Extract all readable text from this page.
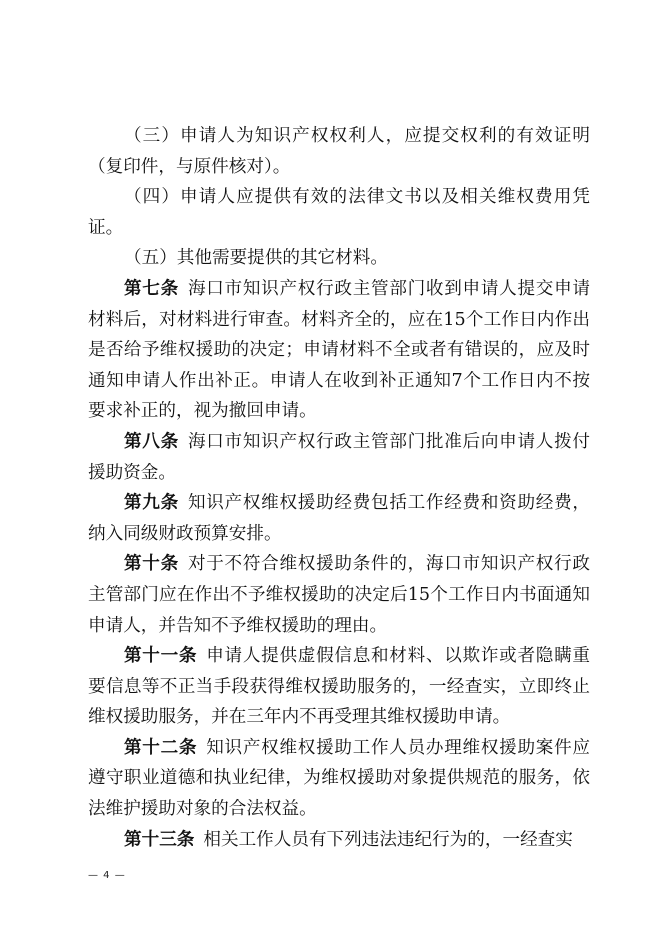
（三）申请人为知识产权权利人，应提交权利的有效证明（复印件，与原件核对）。

（四）申请人应提供有效的法律文书以及相关维权费用凭证。

（五）其他需要提供的其它材料。

第七条 海口市知识产权行政主管部门收到申请人提交申请材料后，对材料进行审查。材料齐全的，应在15个工作日内作出是否给予维权援助的决定；申请材料不全或者有错误的，应及时通知申请人作出补正。申请人在收到补正通知7个工作日内不按要求补正的，视为撤回申请。

第八条 海口市知识产权行政主管部门批准后向申请人拨付援助资金。

第九条 知识产权维权援助经费包括工作经费和资助经费，纳入同级财政预算安排。

第十条 对于不符合维权援助条件的，海口市知识产权行政主管部门应在作出不予维权援助的决定后15个工作日内书面通知申请人，并告知不予维权援助的理由。

第十一条 申请人提供虚假信息和材料、以欺诈或者隐瞒重要信息等不正当手段获得维权援助服务的，一经查实，立即终止维权援助服务，并在三年内不再受理其维权援助申请。

第十二条 知识产权维权援助工作人员办理维权援助案件应遵守职业道德和执业纪律，为维权援助对象提供规范的服务，依法维护援助对象的合法权益。

第十三条 相关工作人员有下列违法违纪行为的，一经查实

— 4 —
